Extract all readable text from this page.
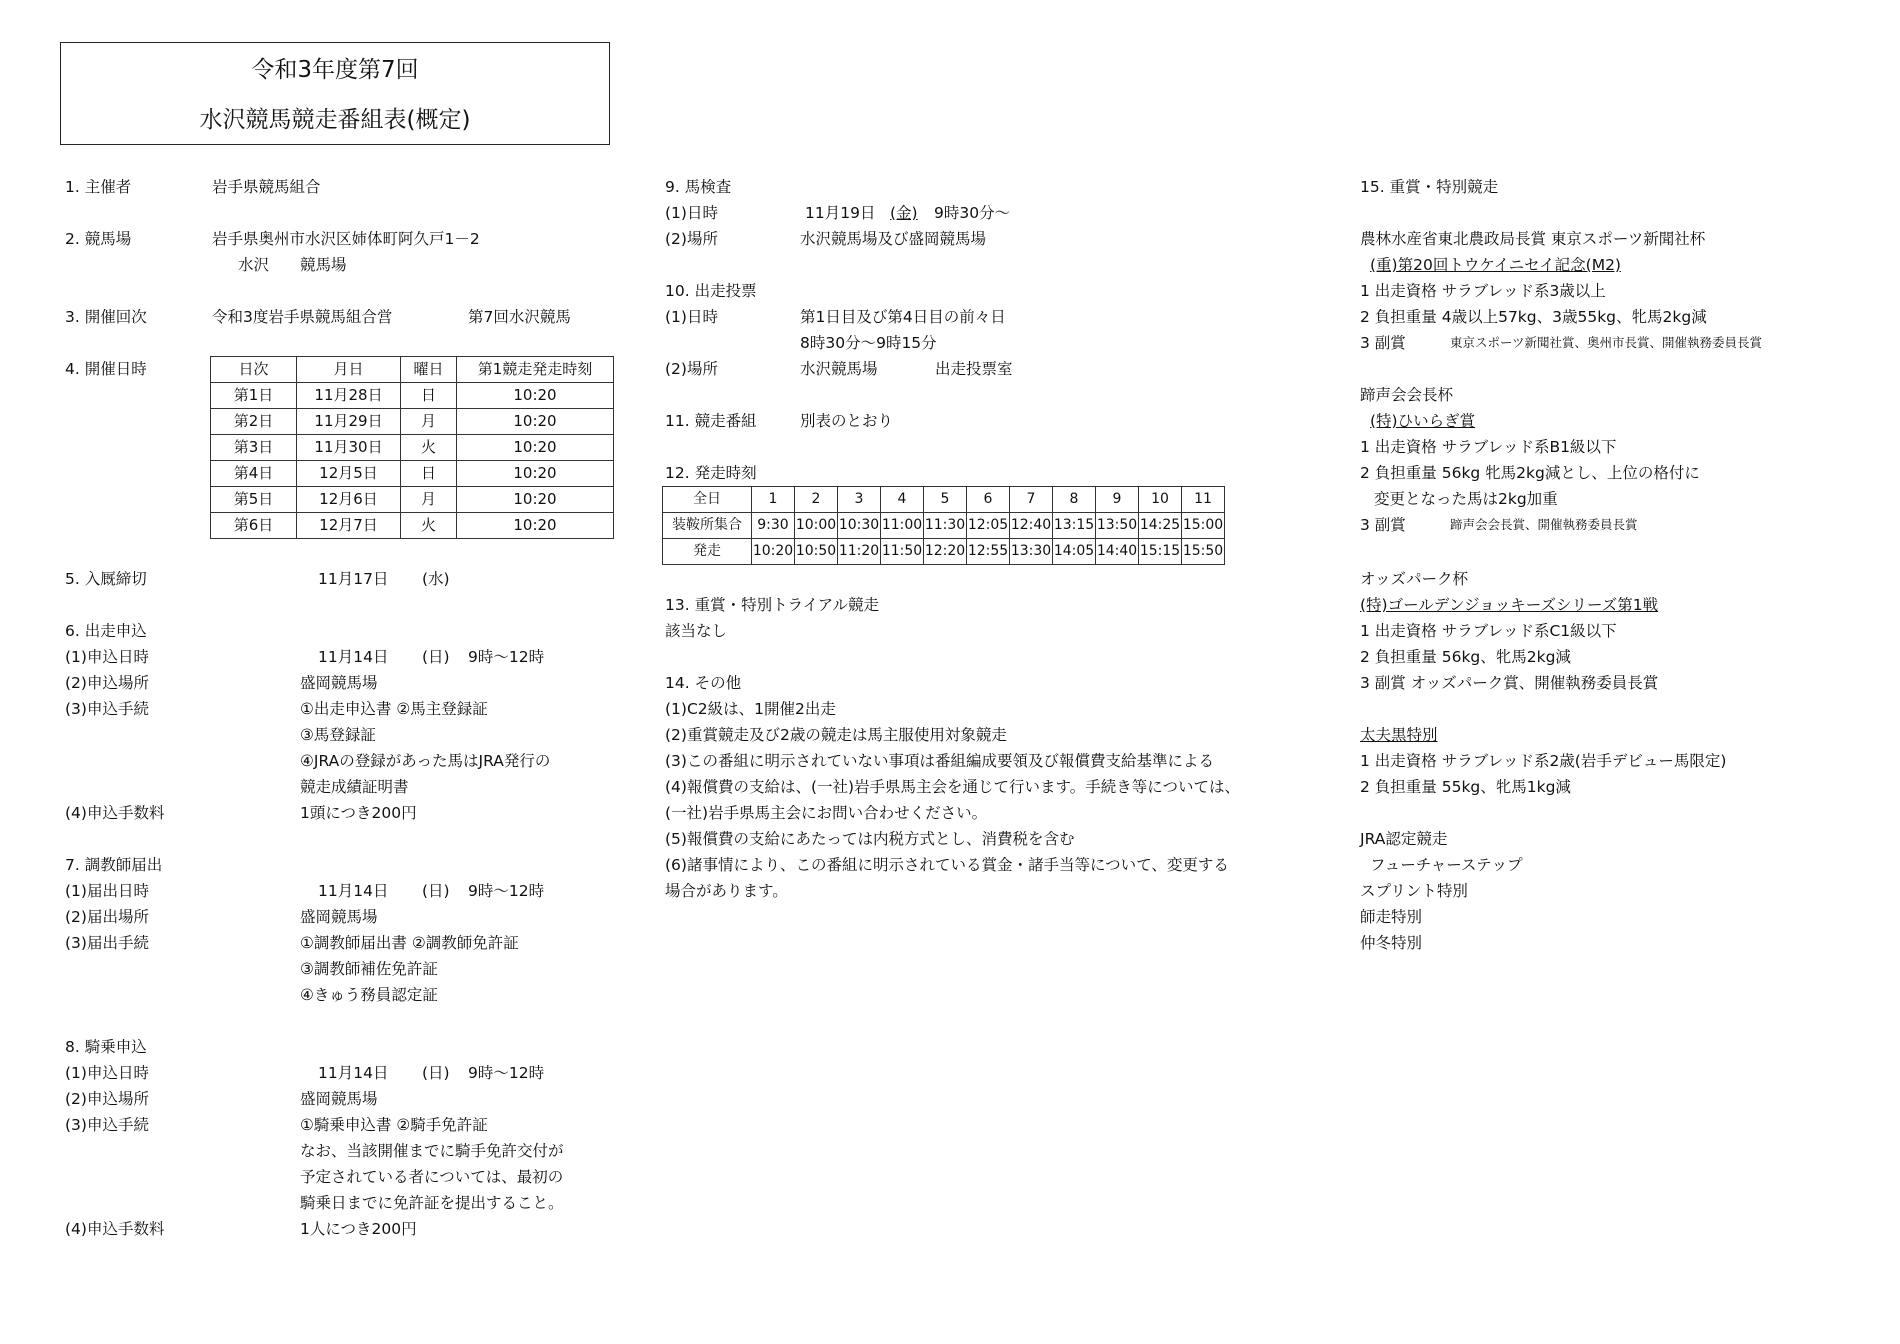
令和3年度第7回
水沢競馬競走番組表(概定)
1. 主催者	岩手県競馬組合
2. 競馬場	岩手県奥州市水沢区姉体町阿久戸1－2
水沢　　競馬場
3. 開催回次	令和3度岩手県競馬組合営	第7回水沢競馬
4. 開催日時	日次	月日	曜日	第1競走発走時刻
第1日	11月28日	日	10:20
第2日	11月29日	月	10:20
第3日	11月30日	火	10:20
第4日	12月5日	日	10:20
第5日	12月6日	月	10:20
第6日	12月7日	火	10:20
5. 入厩締切	11月17日 (水)
6. 出走申込
(1)申込日時	11月14日 (日) 9時～12時
(2)申込場所	盛岡競馬場
(3)申込手続	①出走申込書 ②馬主登録証
③馬登録証
④JRAの登録があった馬はJRA発行の
競走成績証明書
(4)申込手数料	1頭につき200円
7. 調教師届出
(1)届出日時	11月14日 (日) 9時～12時
(2)届出場所	盛岡競馬場
(3)届出手続	①調教師届出書 ②調教師免許証
③調教師補佐免許証
④きゅう務員認定証
8. 騎乗申込
(1)申込日時	11月14日 (日) 9時～12時
(2)申込場所	盛岡競馬場
(3)申込手続	①騎乗申込書 ②騎手免許証
なお、当該開催までに騎手免許交付が
予定されている者については、最初の
騎乗日までに免許証を提出すること。
(4)申込手数料	1人につき200円
9. 馬検査
(1)日時	11月19日 (金) 9時30分～
(2)場所	水沢競馬場及び盛岡競馬場
10. 出走投票
(1)日時	第1日目及び第4日目の前々日
8時30分～9時15分
(2)場所	水沢競馬場	出走投票室
11. 競走番組	別表のとおり
12. 発走時刻
全日	1	2	3	4	5	6	7	8	9	10	11
装鞍所集合	9:30	10:00	10:30	11:00	11:30	12:05	12:40	13:15	13:50	14:25	15:00
発走	10:20	10:50	11:20	11:50	12:20	12:55	13:30	14:05	14:40	15:15	15:50
13. 重賞・特別トライアル競走
該当なし
14. その他
(1)C2級は、1開催2出走
(2)重賞競走及び2歳の競走は馬主服使用対象競走
(3)この番組に明示されていない事項は番組編成要領及び報償費支給基準による
(4)報償費の支給は、(一社)岩手県馬主会を通じて行います。手続き等については、
(一社)岩手県馬主会にお問い合わせください。
(5)報償費の支給にあたっては内税方式とし、消費税を含む
(6)諸事情により、この番組に明示されている賞金・諸手当等について、変更する
場合があります。
15. 重賞・特別競走
農林水産省東北農政局長賞 東京スポーツ新聞社杯
(重)第20回トウケイニセイ記念(M2)
1 出走資格 サラブレッド系3歳以上
2 負担重量 4歳以上57kg、3歳55kg、牝馬2kg減
3 副賞	東京スポーツ新聞社賞、奥州市長賞、開催執務委員長賞
蹄声会会長杯
(特)ひいらぎ賞
1 出走資格 サラブレッド系B1級以下
2 負担重量 56kg 牝馬2kg減とし、上位の格付に
変更となった馬は2kg加重
3 副賞	蹄声会会長賞、開催執務委員長賞
オッズパーク杯
(特)ゴールデンジョッキーズシリーズ第1戦
1 出走資格 サラブレッド系C1級以下
2 負担重量 56kg、牝馬2kg減
3 副賞 オッズパーク賞、開催執務委員長賞
太夫黒特別
1 出走資格 サラブレッド系2歳(岩手デビュー馬限定)
2 負担重量 55kg、牝馬1kg減
JRA認定競走
フューチャーステップ
スプリント特別
師走特別
仲冬特別
